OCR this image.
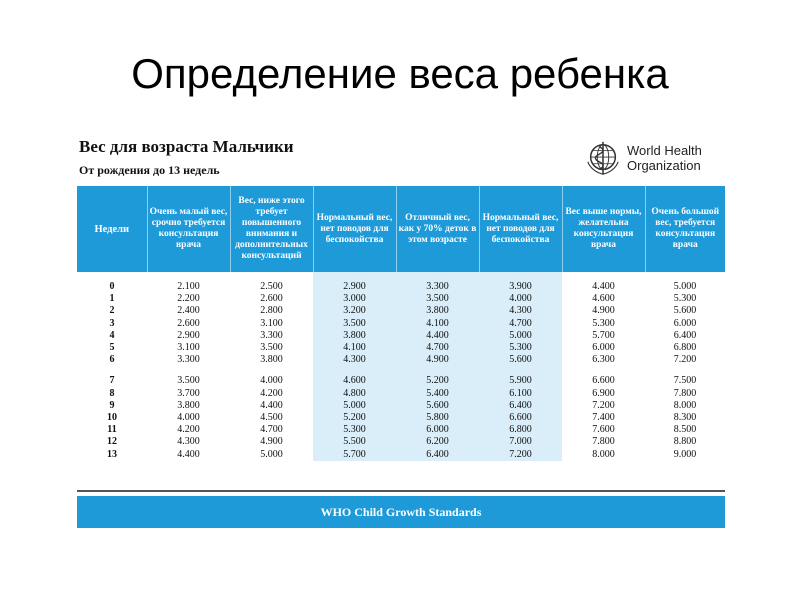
Определение веса ребенка
Вес для возраста Мальчики
От рождения до 13 недель
World Health
Organization
Недели	Очень малый вес, срочно требуется консультация врача	Вес, ниже этого требует повышенного внимания и дополнительных консультаций	Нормальный вес, нет поводов для беспокойства	Отличный вес, как у 70% деток в этом возрасте	Нормальный вес, нет поводов для беспокойства	Вес выше нормы, желательна консультация врача	Очень большой вес, требуется консультация врача

0	2.100	2.500	2.900	3.300	3.900	4.400	5.000
1	2.200	2.600	3.000	3.500	4.000	4.600	5.300
2	2.400	2.800	3.200	3.800	4.300	4.900	5.600
3	2.600	3.100	3.500	4.100	4.700	5.300	6.000
4	2.900	3.300	3.800	4.400	5.000	5.700	6.400
5	3.100	3.500	4.100	4.700	5.300	6.000	6.800
6	3.300	3.800	4.300	4.900	5.600	6.300	7.200

7	3.500	4.000	4.600	5.200	5.900	6.600	7.500
8	3.700	4.200	4.800	5.400	6.100	6.900	7.800
9	3.800	4.400	5.000	5.600	6.400	7.200	8.000
10	4.000	4.500	5.200	5.800	6.600	7.400	8.300
11	4.200	4.700	5.300	6.000	6.800	7.600	8.500
12	4.300	4.900	5.500	6.200	7.000	7.800	8.800
13	4.400	5.000	5.700	6.400	7.200	8.000	9.000
WHO Child Growth Standards
